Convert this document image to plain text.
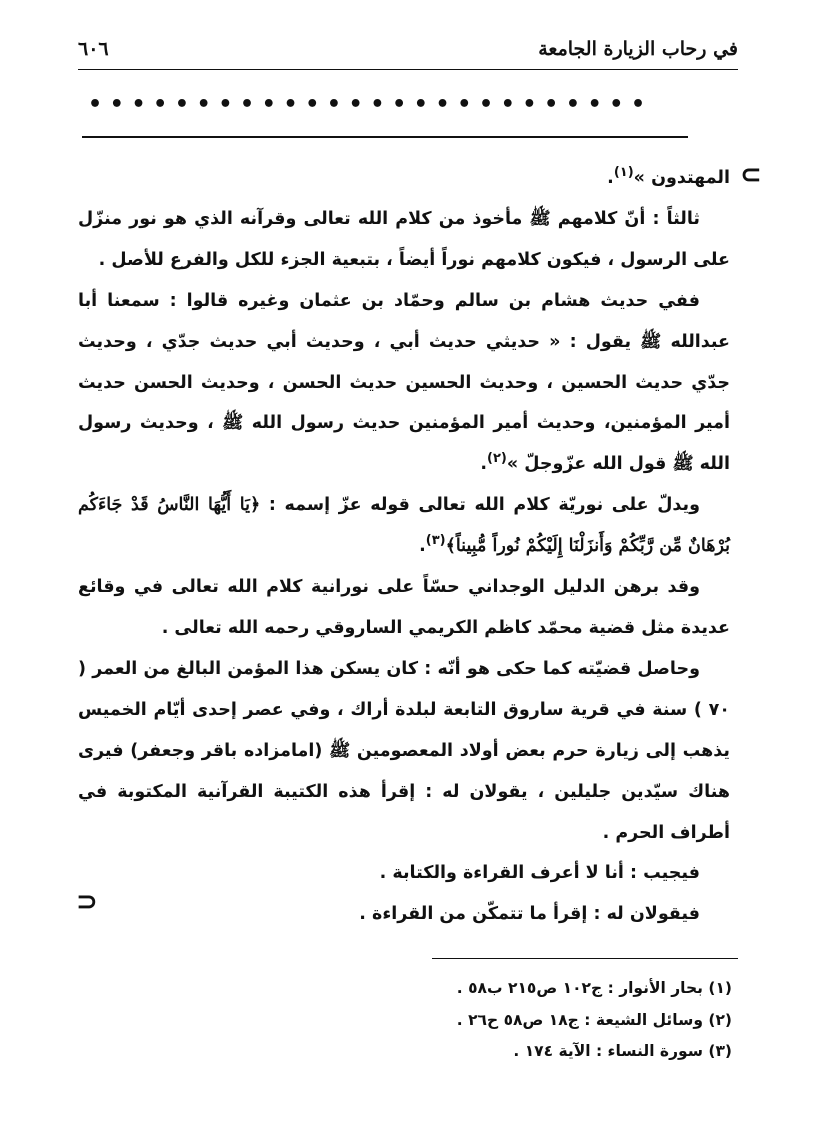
في رحاب الزيارة الجامعة
٦٠٦
• • • • • • • • • • • • • • • • • • • • • • • • • •
⊂

المهتدون »$^{(١)}$.

ثالثاً : أنّ كلامهم ﷺ مأخوذ من كلام الله تعالى وقرآنه الذي هو نور منزّل على الرسول ، فيكون كلامهم نوراً أيضاً ، بتبعية الجزء للكل والفرع للأصل .

ففي حديث هشام بن سالم وحمّاد بن عثمان وغيره قالوا : سمعنا أبا عبدالله ﷺ يقول : « حديثي حديث أبي ، وحديث أبي حديث جدّي ، وحديث جدّي حديث الحسين ، وحديث الحسين حديث الحسن ، وحديث الحسن حديث أمير المؤمنين، وحديث أمير المؤمنين حديث رسول الله ﷺ ، وحديث رسول الله ﷺ قول الله عزّوجلّ »$^{(٢)}$.

ويدلّ على نوريّة كلام الله تعالى قوله عزّ إسمه : ﴿يَا أَيُّهَا النَّاسُ قَدْ جَاءَكُم بُرْهَانٌ مِّن رَّبِّكُمْ وَأَنزَلْنَا إِلَيْكُمْ نُوراً مُّبِيناً﴾$^{(٣)}$.

وقد برهن الدليل الوجداني حسّاً على نورانية كلام الله تعالى في وقائع عديدة مثل قضية محمّد كاظم الكريمي الساروقي رحمه الله تعالى .

وحاصل قضيّته كما حكى هو أنّه : كان يسكن هذا المؤمن البالغ من العمر ( ٧٠ ) سنة في قرية ساروق التابعة لبلدة أراك ، وفي عصر إحدى أيّام الخميس يذهب إلى زيارة حرم بعض أولاد المعصومين ﷺ (امامزاده باقر وجعفر) فيرى هناك سيّدين جليلين ، يقولان له : إقرأ هذه الكتيبة القرآنية المكتوبة في أطراف الحرم .

فيجيب : أنا لا أعرف القراءة والكتابة .

فيقولان له : إقرأ ما تتمكّن من القراءة .

⊃
(١) بحار الأنوار : ج١٠٢ ص٢١٥ ب٥٨ .
(٢) وسائل الشيعة : ج١٨ ص٥٨ ح٢٦ .
(٣) سورة النساء : الآية ١٧٤ .
